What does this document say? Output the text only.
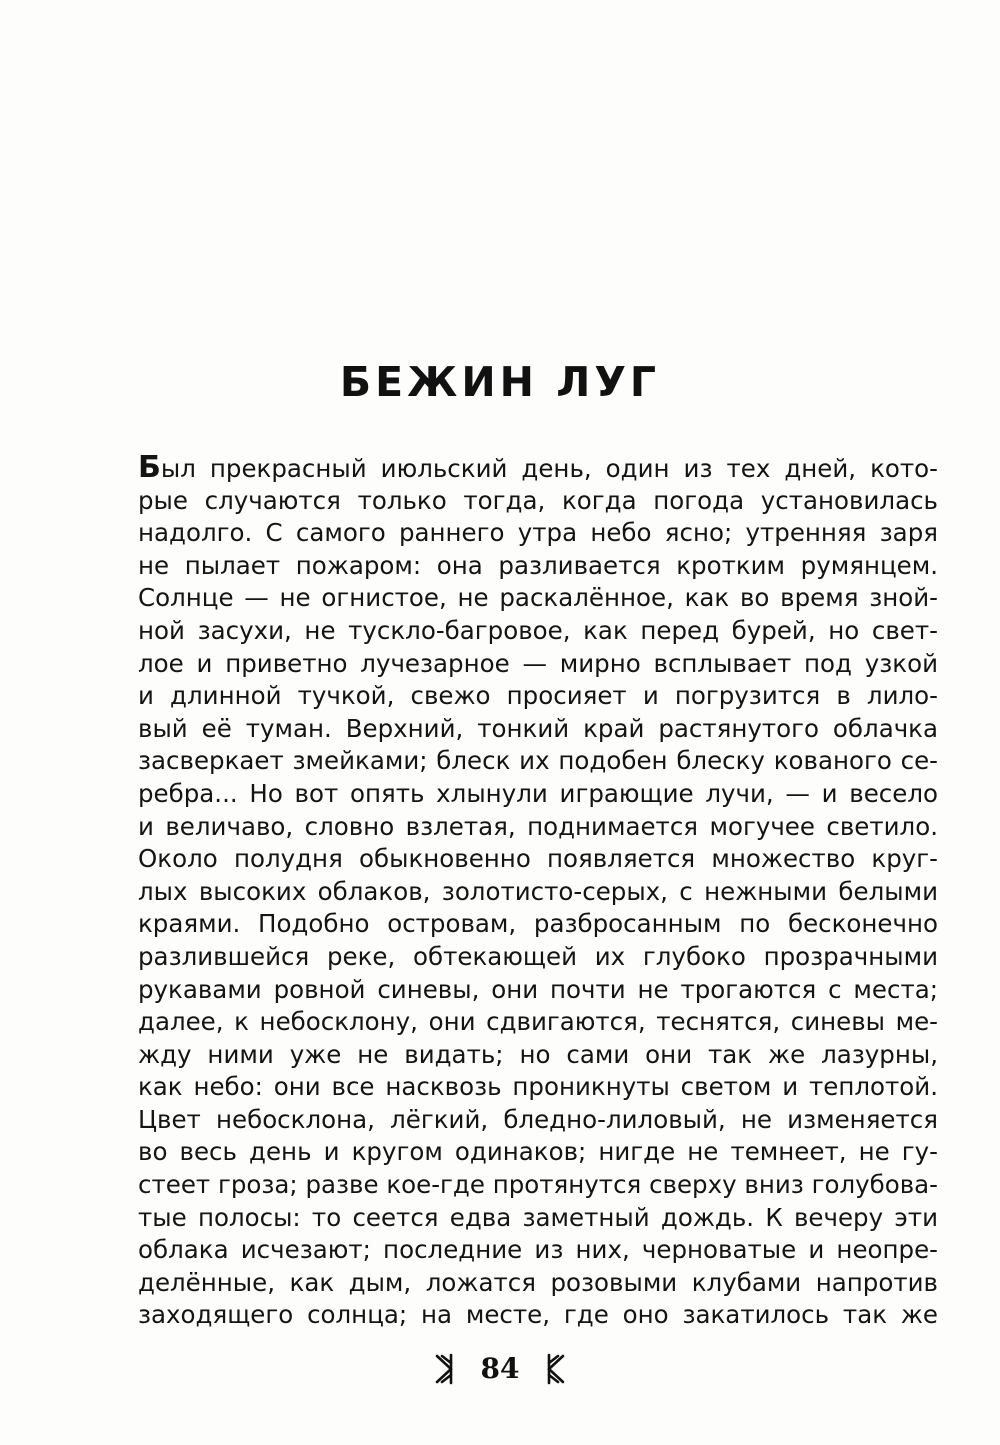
БЕЖИН ЛУГ
Был прекрасный июльский день, один из тех дней, кото-
рые случаются только тогда, когда погода установилась
надолго. С самого раннего утра небо ясно; утренняя заря
не пылает пожаром: она разливается кротким румянцем.
Солнце — не огнистое, не раскалённое, как во время зной-
ной засухи, не тускло-багровое, как перед бурей, но свет-
лое и приветно лучезарное — мирно всплывает под узкой
и длинной тучкой, свежо просияет и погрузится в лило-
вый её туман. Верхний, тонкий край растянутого облачка
засверкает змейками; блеск их подобен блеску кованого се-
ребра... Но вот опять хлынули играющие лучи, — и весело
и величаво, словно взлетая, поднимается могучее светило.
Около полудня обыкновенно появляется множество круг-
лых высоких облаков, золотисто-серых, с нежными белыми
краями. Подобно островам, разбросанным по бесконечно
разлившейся реке, обтекающей их глубоко прозрачными
рукавами ровной синевы, они почти не трогаются с места;
далее, к небосклону, они сдвигаются, теснятся, синевы ме-
жду ними уже не видать; но сами они так же лазурны,
как небо: они все насквозь проникнуты светом и теплотой.
Цвет небосклона, лёгкий, бледно-лиловый, не изменяется
во весь день и кругом одинаков; нигде не темнеет, не гу-
стеет гроза; разве кое-где протянутся сверху вниз голубова-
тые полосы: то сеется едва заметный дождь. К вечеру эти
облака исчезают; последние из них, черноватые и неопре-
делённые, как дым, ложатся розовыми клубами напротив
заходящего солнца; на месте, где оно закатилось так же
84
